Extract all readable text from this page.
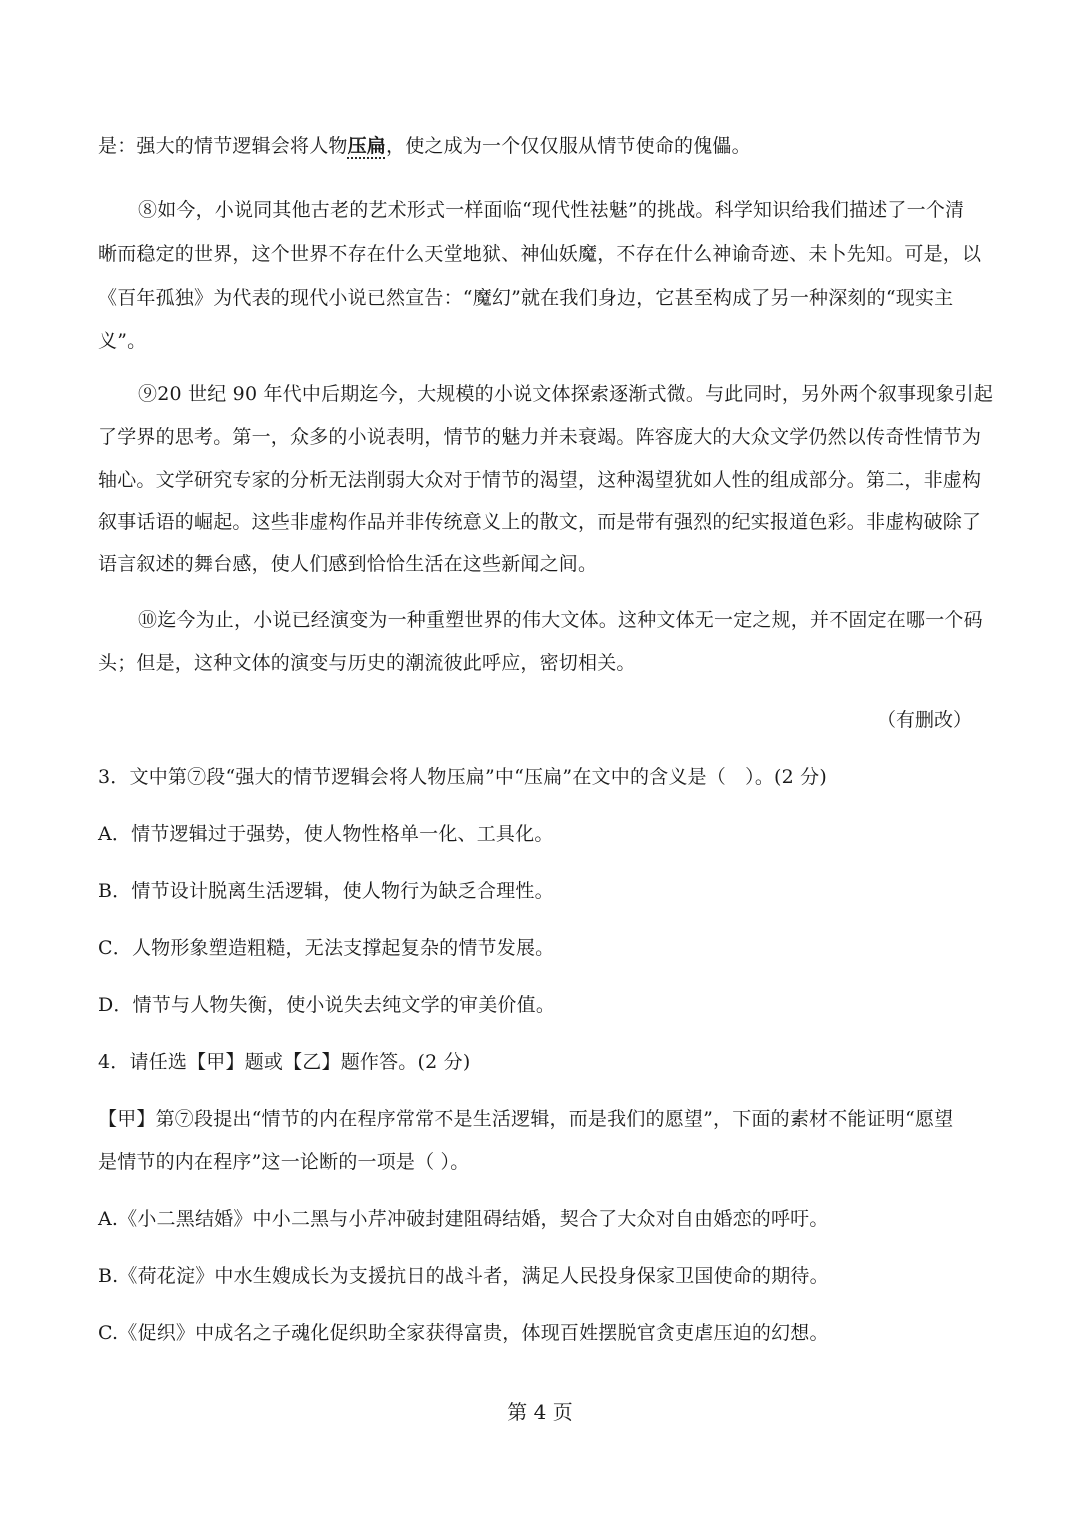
是：强大的情节逻辑会将人物压扁，使之成为一个仅仅服从情节使命的傀儡。
⑧如今，小说同其他古老的艺术形式一样面临“现代性祛魅”的挑战。科学知识给我们描述了一个清
晰而稳定的世界，这个世界不存在什么天堂地狱、神仙妖魔，不存在什么神谕奇迹、未卜先知。可是，以
《百年孤独》为代表的现代小说已然宣告：“魔幻”就在我们身边，它甚至构成了另一种深刻的“现实主
义”。
⑨20 世纪 90 年代中后期迄今，大规模的小说文体探索逐渐式微。与此同时，另外两个叙事现象引起
了学界的思考。第一，众多的小说表明，情节的魅力并未衰竭。阵容庞大的大众文学仍然以传奇性情节为
轴心。文学研究专家的分析无法削弱大众对于情节的渴望，这种渴望犹如人性的组成部分。第二，非虚构
叙事话语的崛起。这些非虚构作品并非传统意义上的散文，而是带有强烈的纪实报道色彩。非虚构破除了
语言叙述的舞台感，使人们感到恰恰生活在这些新闻之间。
⑩迄今为止，小说已经演变为一种重塑世界的伟大文体。这种文体无一定之规，并不固定在哪一个码
头；但是，这种文体的演变与历史的潮流彼此呼应，密切相关。
（有删改）
3．文中第⑦段“强大的情节逻辑会将人物压扁”中“压扁”在文中的含义是（　）。(2 分)
A．情节逻辑过于强势，使人物性格单一化、工具化。
B．情节设计脱离生活逻辑，使人物行为缺乏合理性。
C．人物形象塑造粗糙，无法支撑起复杂的情节发展。
D．情节与人物失衡，使小说失去纯文学的审美价值。
4．请任选【甲】题或【乙】题作答。(2 分)
【甲】第⑦段提出“情节的内在程序常常不是生活逻辑，而是我们的愿望”，下面的素材不能证明“愿望
是情节的内在程序”这一论断的一项是（ ）。
A.《小二黑结婚》中小二黑与小芹冲破封建阻碍结婚，契合了大众对自由婚恋的呼吁。
B.《荷花淀》中水生嫂成长为支援抗日的战斗者，满足人民投身保家卫国使命的期待。
C.《促织》中成名之子魂化促织助全家获得富贵，体现百姓摆脱官贪吏虐压迫的幻想。
第 4 页
